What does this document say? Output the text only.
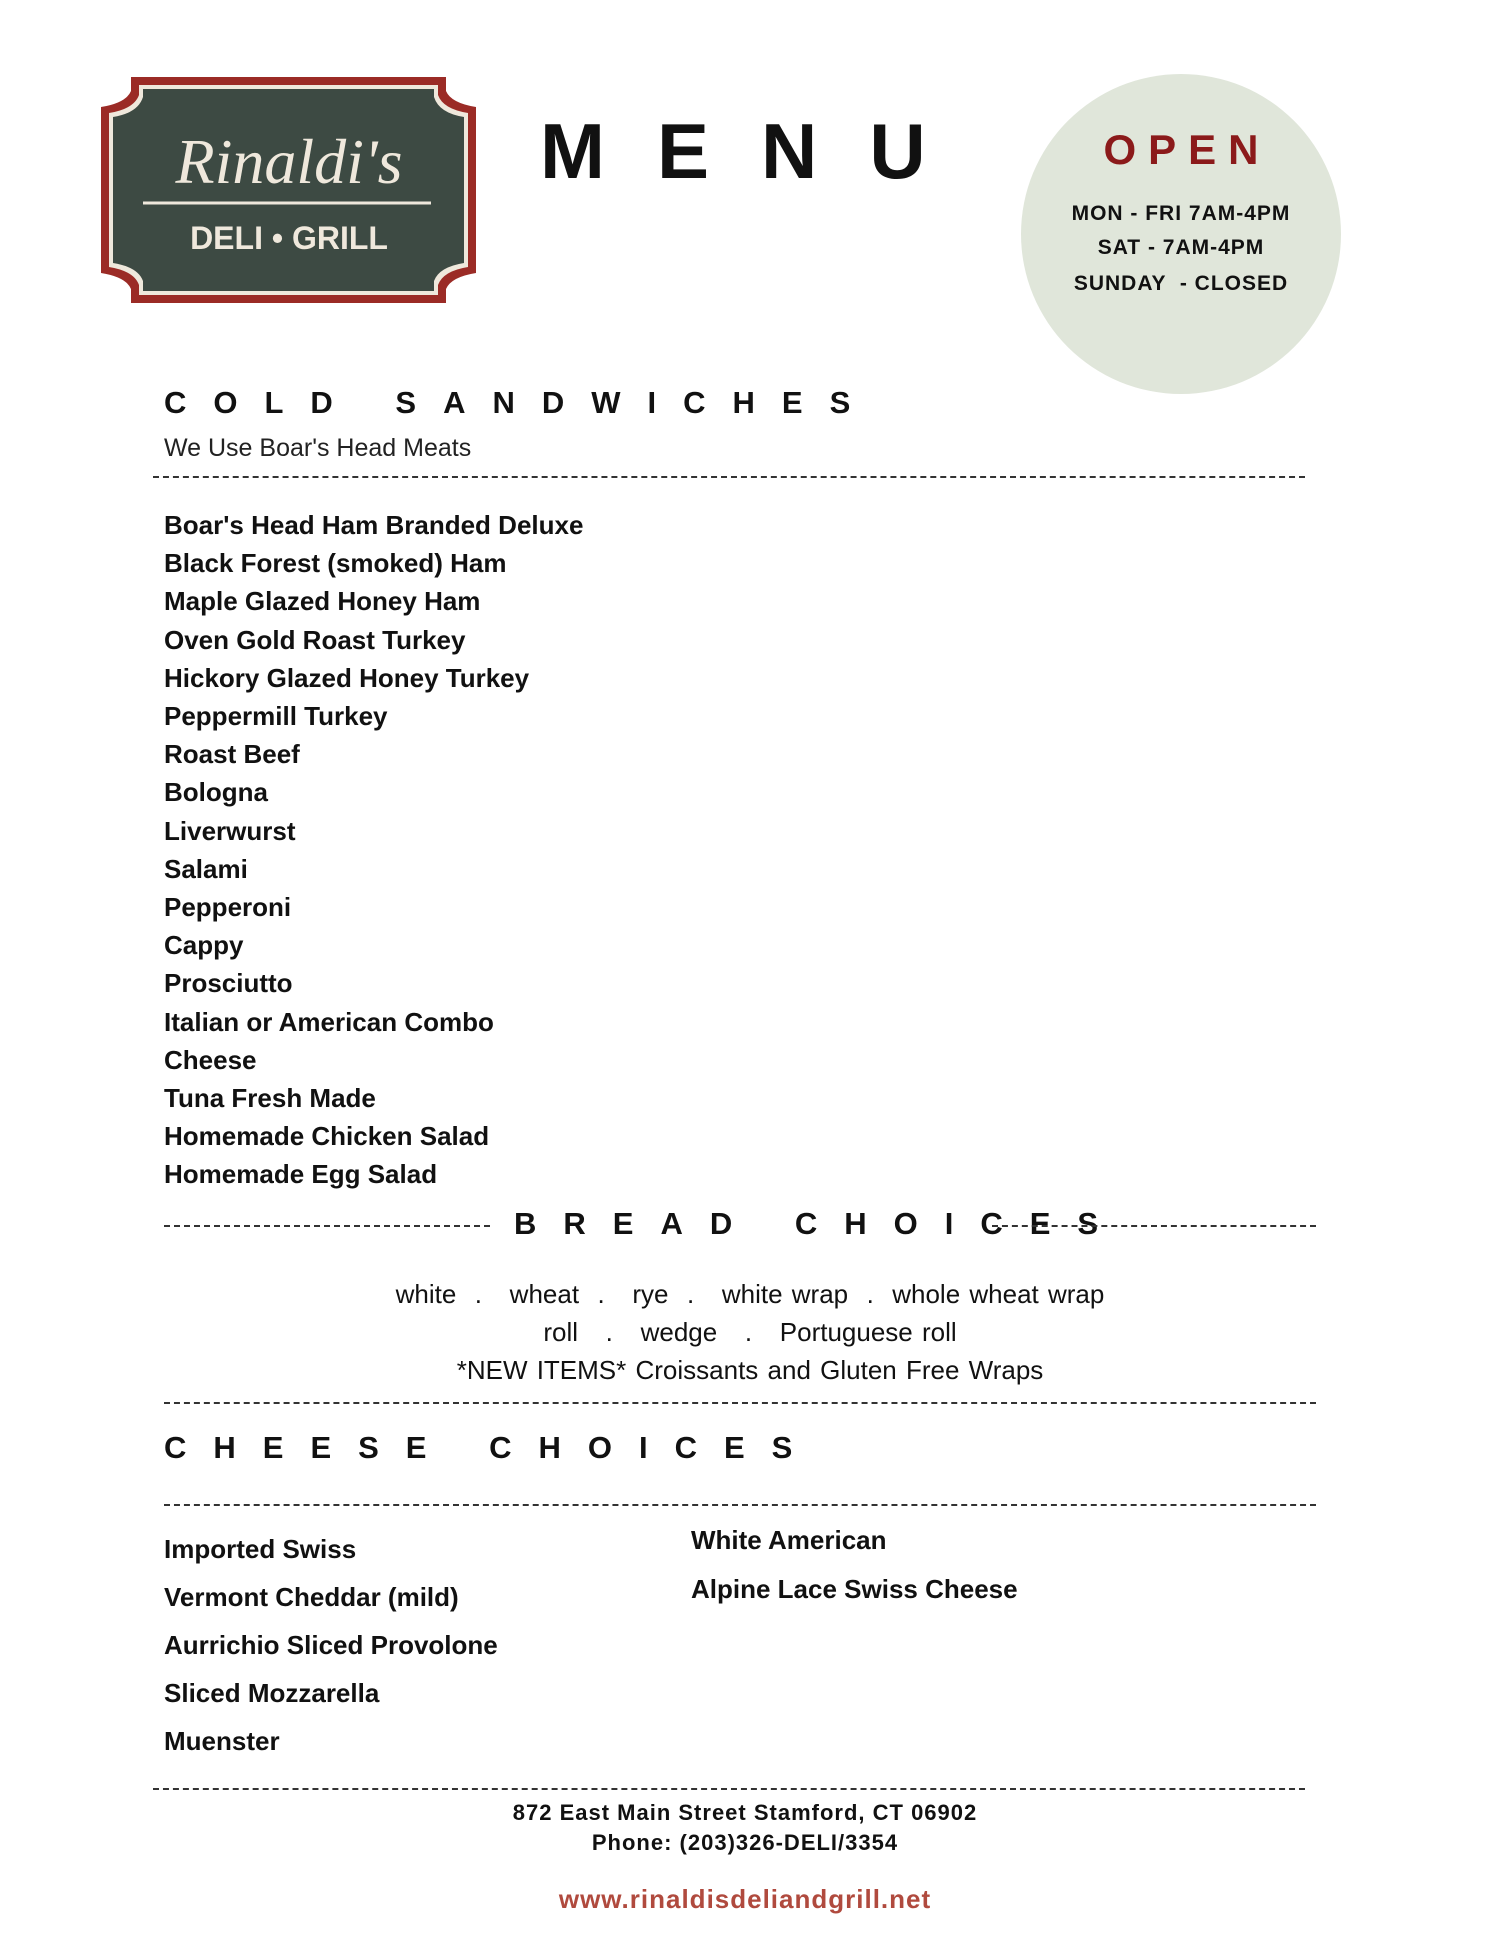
Rinaldi's
DELI • GRILL
MENU	OPEN
MON - FRI 7AM-4PM
SAT - 7AM-4PM
SUNDAY  - CLOSED
COLD SANDWICHES
We Use Boar's Head Meats
Boar's Head Ham Branded Deluxe
Black Forest (smoked) Ham
Maple Glazed Honey Ham
Oven Gold Roast Turkey
Hickory Glazed Honey Turkey
Peppermill Turkey
Roast Beef
Bologna
Liverwurst
Salami
Pepperoni
Cappy
Prosciutto
Italian or American Combo
Cheese
Tuna Fresh Made
Homemade Chicken Salad
Homemade Egg Salad
BREAD CHOICES
white  .   wheat  .   rye  .   white wrap  .  whole wheat wrap
roll   .   wedge   .   Portuguese roll
*NEW ITEMS* Croissants and Gluten Free Wraps
CHEESE CHOICES
Imported Swiss
Vermont Cheddar (mild)
Aurrichio Sliced Provolone
Sliced Mozzarella
Muenster
White American
Alpine Lace Swiss Cheese
872 East Main Street Stamford, CT 06902
Phone: (203)326-DELI/3354
www.rinaldisdeliandgrill.net
